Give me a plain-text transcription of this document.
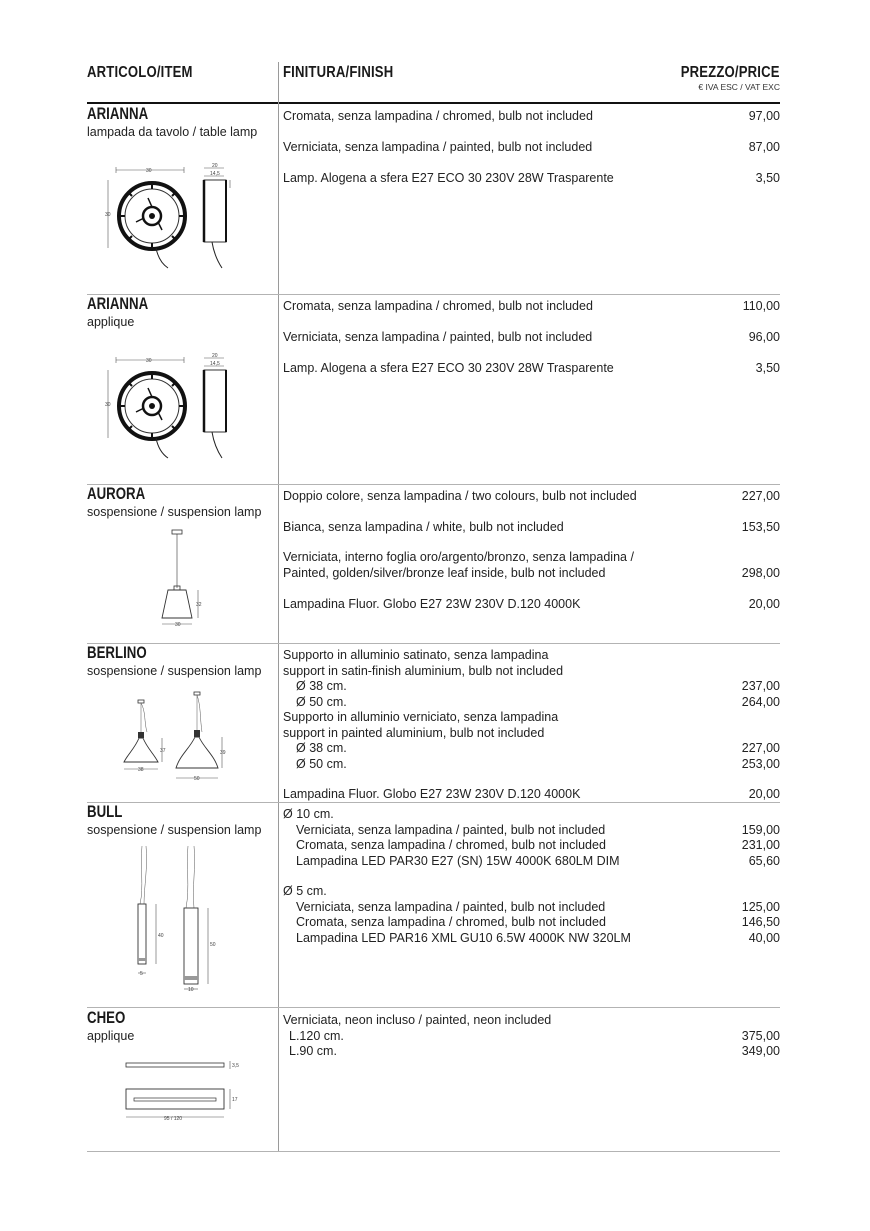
ARTICOLO/ITEM	FINITURA/FINISH	PREZZO/PRICE
€ IVA ESC / VAT EXC
ARIANNA
lampada da tavolo / table lamp
Cromata, senza lampadina / chromed, bulb not included	97,00
Verniciata, senza lampadina / painted, bulb not included	87,00
Lamp. Alogena a sfera E27 ECO 30 230V 28W Trasparente	3,50
30
30
20
14,5
ARIANNA
applique
Cromata, senza lampadina / chromed, bulb not included	110,00
Verniciata, senza lampadina / painted, bulb not included	96,00
Lamp. Alogena a sfera E27 ECO 30 230V 28W Trasparente	3,50
30
30
20
14,5
AURORA
sospensione / suspension lamp
Doppio colore, senza lampadina / two colours, bulb not included	227,00
Bianca, senza lampadina / white, bulb not included	153,50
Verniciata, interno foglia oro/argento/bronzo, senza lampadina /
Painted, golden/silver/bronze leaf inside, bulb not included	298,00
Lampadina Fluor. Globo E27 23W 230V D.120 4000K	20,00
32
30
BERLINO
sospensione / suspension lamp
Supporto in alluminio satinato, senza lampadina
support in satin-finish aluminium, bulb not included
Ø 38 cm.	237,00
Ø 50 cm.	264,00
Supporto in alluminio verniciato, senza lampadina
support in painted aluminium, bulb not included
Ø 38 cm.	227,00
Ø 50 cm.	253,00
Lampadina Fluor. Globo E27 23W 230V D.120 4000K	20,00
37
38
39
50
BULL
sospensione / suspension lamp
Ø 10 cm.
Verniciata, senza lampadina / painted, bulb not included	159,00
Cromata, senza lampadina / chromed, bulb not included	231,00
Lampadina LED PAR30 E27 (SN) 15W 4000K 680LM DIM	65,60
Ø 5 cm.
Verniciata, senza lampadina / painted, bulb not included	125,00
Cromata, senza lampadina / chromed, bulb not included	146,50
Lampadina LED PAR16 XML GU10 6.5W 4000K NW 320LM	40,00
40
5
50
10
CHEO
applique
Verniciata, neon incluso / painted, neon included
L.120 cm.	375,00
L.90 cm.	349,00
3,5
17
95 / 120
